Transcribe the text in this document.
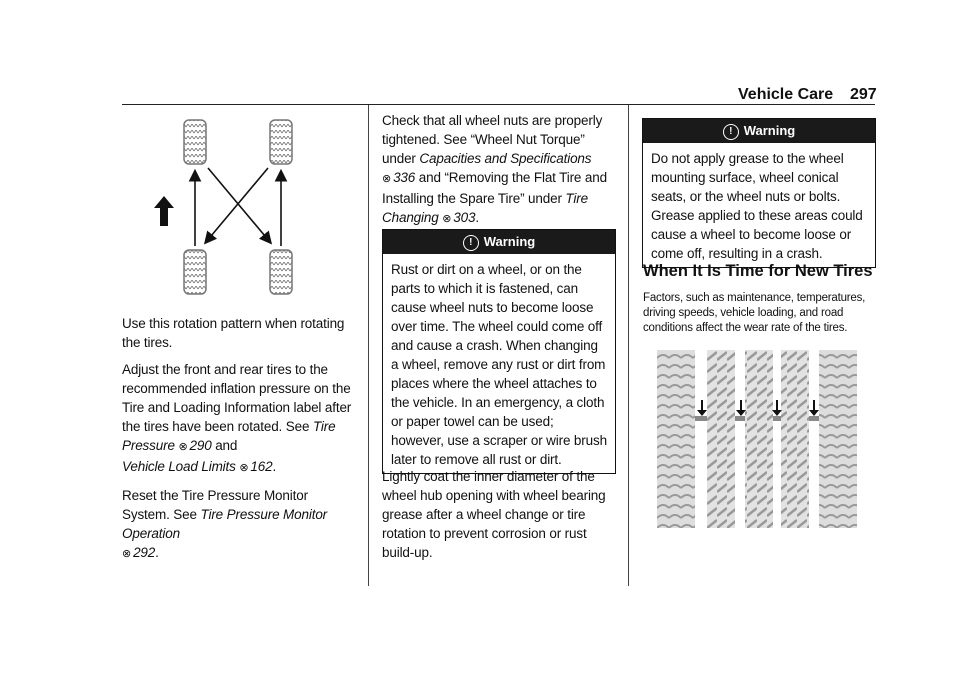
Vehicle Care 297

Use this rotation pattern when rotating the tires.

Adjust the front and rear tires to the recommended inflation pressure on the Tire and Loading Information label after the tires have been rotated. See Tire Pressure ⊗ 290 and
Vehicle Load Limits ⊗ 162.

Reset the Tire Pressure Monitor System. See Tire Pressure Monitor Operation
⊗ 292.

Check that all wheel nuts are properly tightened. See “Wheel Nut Torque” under Capacities and Specifications
⊗ 336 and “Removing the Flat Tire and Installing the Spare Tire” under Tire Changing ⊗ 303.

! Warning
Rust or dirt on a wheel, or on the parts to which it is fastened, can cause wheel nuts to become loose over time. The wheel could come off and cause a crash. When changing a wheel, remove any rust or dirt from places where the wheel attaches to the vehicle. In an emergency, a cloth or paper towel can be used; however, use a scraper or wire brush later to remove all rust or dirt.

Lightly coat the inner diameter of the wheel hub opening with wheel bearing grease after a wheel change or tire rotation to prevent corrosion or rust build-up.

! Warning
Do not apply grease to the wheel mounting surface, wheel conical seats, or the wheel nuts or bolts. Grease applied to these areas could cause a wheel to become loose or come off, resulting in a crash.
When It Is Time for New Tires
Factors, such as maintenance, temperatures, driving speeds, vehicle loading, and road conditions affect the wear rate of the tires.
